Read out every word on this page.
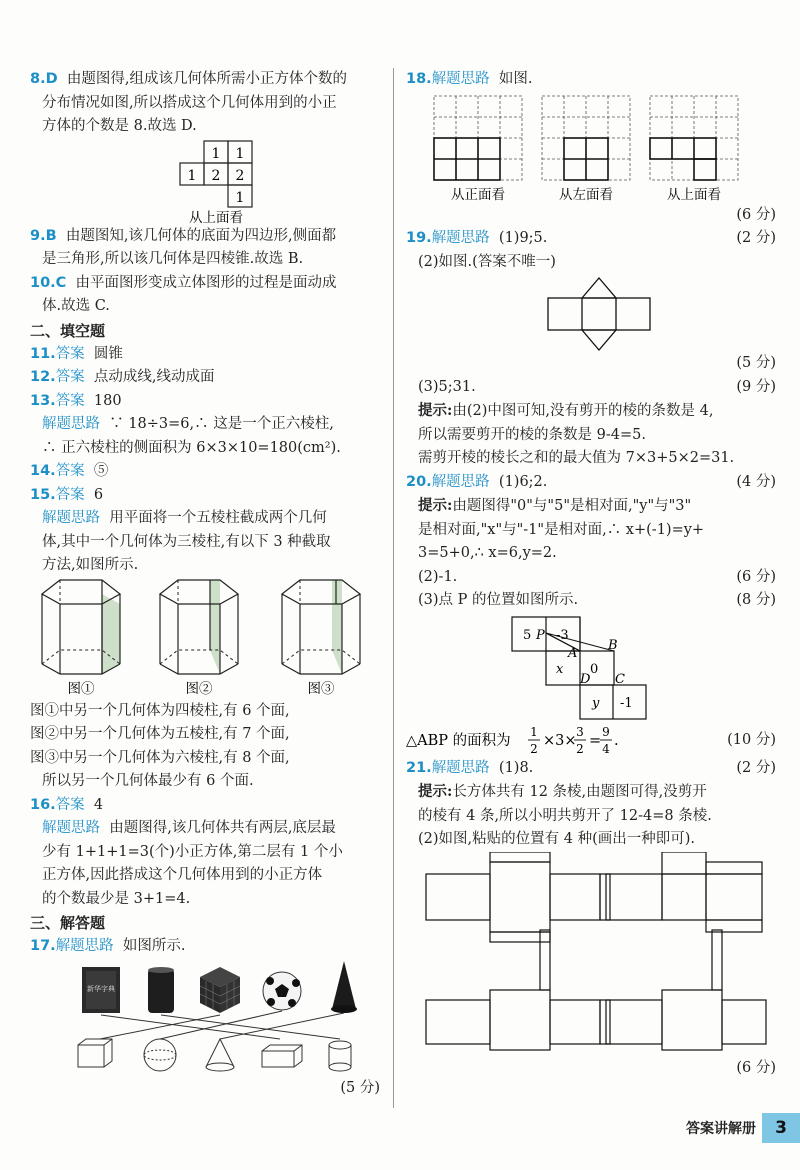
8.D 由题图得,组成该几何体所需小正方体个数的
分布情况如图,所以搭成这个几何体用到的小正
方体的个数是 8.故选 D.
1 1
1 2 2
1
从上面看
9.B 由题图知,该几何体的底面为四边形,侧面都
是三角形,所以该几何体是四棱锥.故选 B.
10.C 由平面图形变成立体图形的过程是面动成
体.故选 C.
二、填空题
11.答案 圆锥
12.答案 点动成线,线动成面
13.答案 180
解题思路 ∵ 18÷3=6,∴ 这是一个正六棱柱,
∴ 正六棱柱的侧面积为 6×3×10=180(cm²).
14.答案 ⑤
15.答案 6
解题思路 用平面将一个五棱柱截成两个几何
体,其中一个几何体为三棱柱,有以下 3 种截取
方法,如图所示.
图①	图②	图③
图①中另一个几何体为四棱柱,有 6 个面,
图②中另一个几何体为五棱柱,有 7 个面,
图③中另一个几何体为六棱柱,有 8 个面,
所以另一个几何体最少有 6 个面.
16.答案 4
解题思路 由题图得,该几何体共有两层,底层最
少有 1+1+1=3(个)小正方体,第二层有 1 个小
正方体,因此搭成这个几何体用到的小正方体
的个数最少是 3+1=4.
三、解答题
17.解题思路 如图所示.
新华字典
(5 分)

18.解题思路 如图.
从正面看	从左面看	从上面看
(6 分)

19.解题思路 (1)9;5.	(2 分)
(2)如图.(答案不唯一)
(5 分)

(3)5;31.	(9 分)
提示:由(2)中图可知,没有剪开的棱的条数是 4,
所以需要剪开的棱的条数是 9-4=5.
需剪开棱的棱长之和的最大值为 7×3+5×2=31.
20.解题思路 (1)6;2.	(4 分)
提示:由题图得"0"与"5"是相对面,"y"与"3"
是相对面,"x"与"-1"是相对面,∴ x+(-1)=y+
3=5+0,∴ x=6,y=2.
(2)-1.	(6 分)
(3)点 P 的位置如图所示.	(8 分)
5 P -3
A
B
x 0
D C
y -1
△ABP 的面积为
1
2 ×3×
3
2 =
9
4 .	(10 分)
21.解题思路 (1)8.	(2 分)
提示:长方体共有 12 条棱,由题图可得,没剪开
的棱有 4 条,所以小明共剪开了 12-4=8 条棱.
(2)如图,粘贴的位置有 4 种(画出一种即可).
(6 分)

答案讲解册	3
